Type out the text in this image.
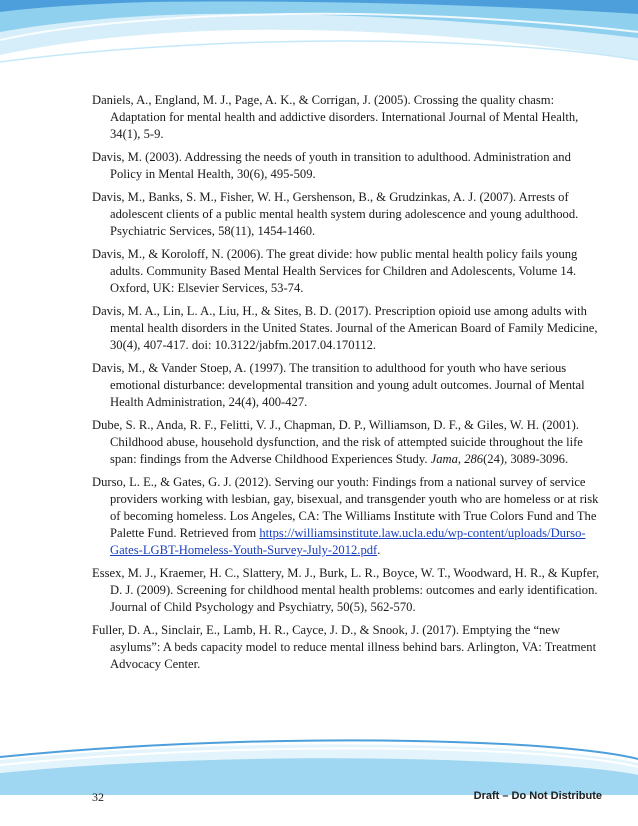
Daniels, A., England, M. J., Page, A. K., & Corrigan, J. (2005). Crossing the quality chasm: Adaptation for mental health and addictive disorders. International Journal of Mental Health, 34(1), 5-9.

Davis, M. (2003). Addressing the needs of youth in transition to adulthood. Administration and Policy in Mental Health, 30(6), 495-509.

Davis, M., Banks, S. M., Fisher, W. H., Gershenson, B., & Grudzinkas, A. J. (2007). Arrests of adolescent clients of a public mental health system during adolescence and young adulthood. Psychiatric Services, 58(11), 1454-1460.

Davis, M., & Koroloff, N. (2006). The great divide: how public mental health policy fails young adults. Community Based Mental Health Services for Children and Adolescents, Volume 14. Oxford, UK: Elsevier Services, 53-74.

Davis, M. A., Lin, L. A., Liu, H., & Sites, B. D. (2017). Prescription opioid use among adults with mental health disorders in the United States. Journal of the American Board of Family Medicine, 30(4), 407-417. doi: 10.3122/jabfm.2017.04.170112.

Davis, M., & Vander Stoep, A. (1997). The transition to adulthood for youth who have serious emotional disturbance: developmental transition and young adult outcomes. Journal of Mental Health Administration, 24(4), 400-427.

Dube, S. R., Anda, R. F., Felitti, V. J., Chapman, D. P., Williamson, D. F., & Giles, W. H. (2001). Childhood abuse, household dysfunction, and the risk of attempted suicide throughout the life span: findings from the Adverse Childhood Experiences Study. Jama, 286(24), 3089-3096.

Durso, L. E., & Gates, G. J. (2012). Serving our youth: Findings from a national survey of service providers working with lesbian, gay, bisexual, and transgender youth who are homeless or at risk of becoming homeless. Los Angeles, CA: The Williams Institute with True Colors Fund and The Palette Fund. Retrieved from https://williamsinstitute.law.ucla.edu/wp-content/uploads/Durso-Gates-LGBT-Homeless-Youth-Survey-July-2012.pdf.

Essex, M. J., Kraemer, H. C., Slattery, M. J., Burk, L. R., Boyce, W. T., Woodward, H. R., & Kupfer, D. J. (2009). Screening for childhood mental health problems: outcomes and early identification. Journal of Child Psychology and Psychiatry, 50(5), 562-570.

Fuller, D. A., Sinclair, E., Lamb, H. R., Cayce, J. D., & Snook, J. (2017). Emptying the “new asylums”: A beds capacity model to reduce mental illness behind bars. Arlington, VA: Treatment Advocacy Center.

32	Draft – Do Not Distribute
